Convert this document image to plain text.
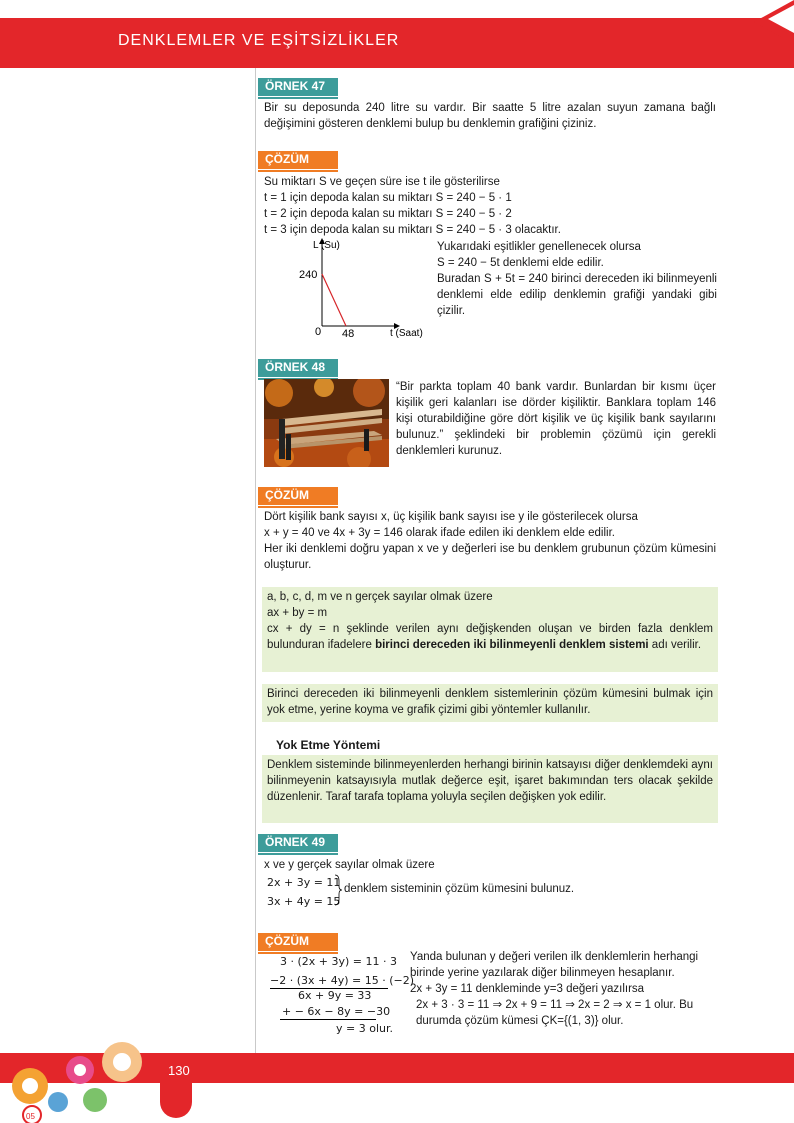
DENKLEMLER VE EŞİTSİZLİKLER
ÖRNEK 47
Bir su deposunda 240 litre su vardır. Bir saatte 5 litre azalan suyun zamana bağlı değişimini gösteren denklemi bulup bu denklemin grafiğini çiziniz.
ÇÖZÜM
Su miktarı S ve geçen süre ise t ile gösterilirse
t = 1 için depoda kalan su miktarı S = 240 − 5 · 1
t = 2 için depoda kalan su miktarı S = 240 − 5 · 2
t = 3 için depoda kalan su miktarı S = 240 − 5 · 3 olacaktır.
L (Su)
240
0 48	t (Saat)
Yukarıdaki eşitlikler genellenecek olursa
S = 240 − 5t denklemi elde edilir.
Buradan S + 5t = 240 birinci dereceden iki bilinmeyenli denklemi elde edilip denklemin grafiği yandaki gibi çizilir.
ÖRNEK 48
“Bir parkta toplam 40 bank vardır. Bunlardan bir kısmı üçer kişilik geri kalanları ise dörder kişiliktir. Banklara toplam 146 kişi oturabildiğine göre dört kişilik ve üç kişilik bank sayılarını bulunuz.” şeklindeki bir problemin çözümü için gerekli denklemleri kurunuz.
ÇÖZÜM
Dört kişilik bank sayısı x, üç kişilik bank sayısı ise y ile gösterilecek olursa
x + y = 40 ve 4x + 3y = 146 olarak ifade edilen iki denklem elde edilir.
Her iki denklemi doğru yapan x ve y değerleri ise bu denklem grubunun çözüm kümesini oluşturur.
a, b, c, d, m ve n gerçek sayılar olmak üzere
ax + by = m
cx + dy = n şeklinde verilen aynı değişkenden oluşan ve birden fazla denklem bulunduran ifadelere birinci dereceden iki bilinmeyenli denklem sistemi adı verilir.
Birinci dereceden iki bilinmeyenli denklem sistemlerinin çözüm kümesini bulmak için yok etme, yerine koyma ve grafik çizimi gibi yöntemler kullanılır.
Yok Etme Yöntemi
Denklem sisteminde bilinmeyenlerden herhangi birinin katsayısı diğer denklemdeki aynı bilinmeyenin katsayısıyla mutlak değerce eşit, işaret bakımından ters olacak şekilde düzenlenir. Taraf tarafa toplama yoluyla seçilen değişken yok edilir.
ÖRNEK 49
x ve y gerçek sayılar olmak üzere
2x + 3y = 11
3x + 4y = 15
denklem sisteminin çözüm kümesini bulunuz.
ÇÖZÜM
3 · (2x + 3y) = 11 · 3
−2 · (3x + 4y) = 15 · (−2)
6x + 9y = 33
+ − 6x − 8y = −30
y = 3 olur.
Yanda bulunan y değeri verilen ilk denklemlerin herhangi birinde yerine yazılarak diğer bilinmeyen hesaplanır.
2x + 3y = 11 denkleminde y=3 değeri yazılırsa
2x + 3 · 3 = 11 ⇒ 2x + 9 = 11 ⇒ 2x = 2 ⇒ x = 1 olur. Bu durumda çözüm kümesi ÇK={(1, 3)} olur.
130
05
